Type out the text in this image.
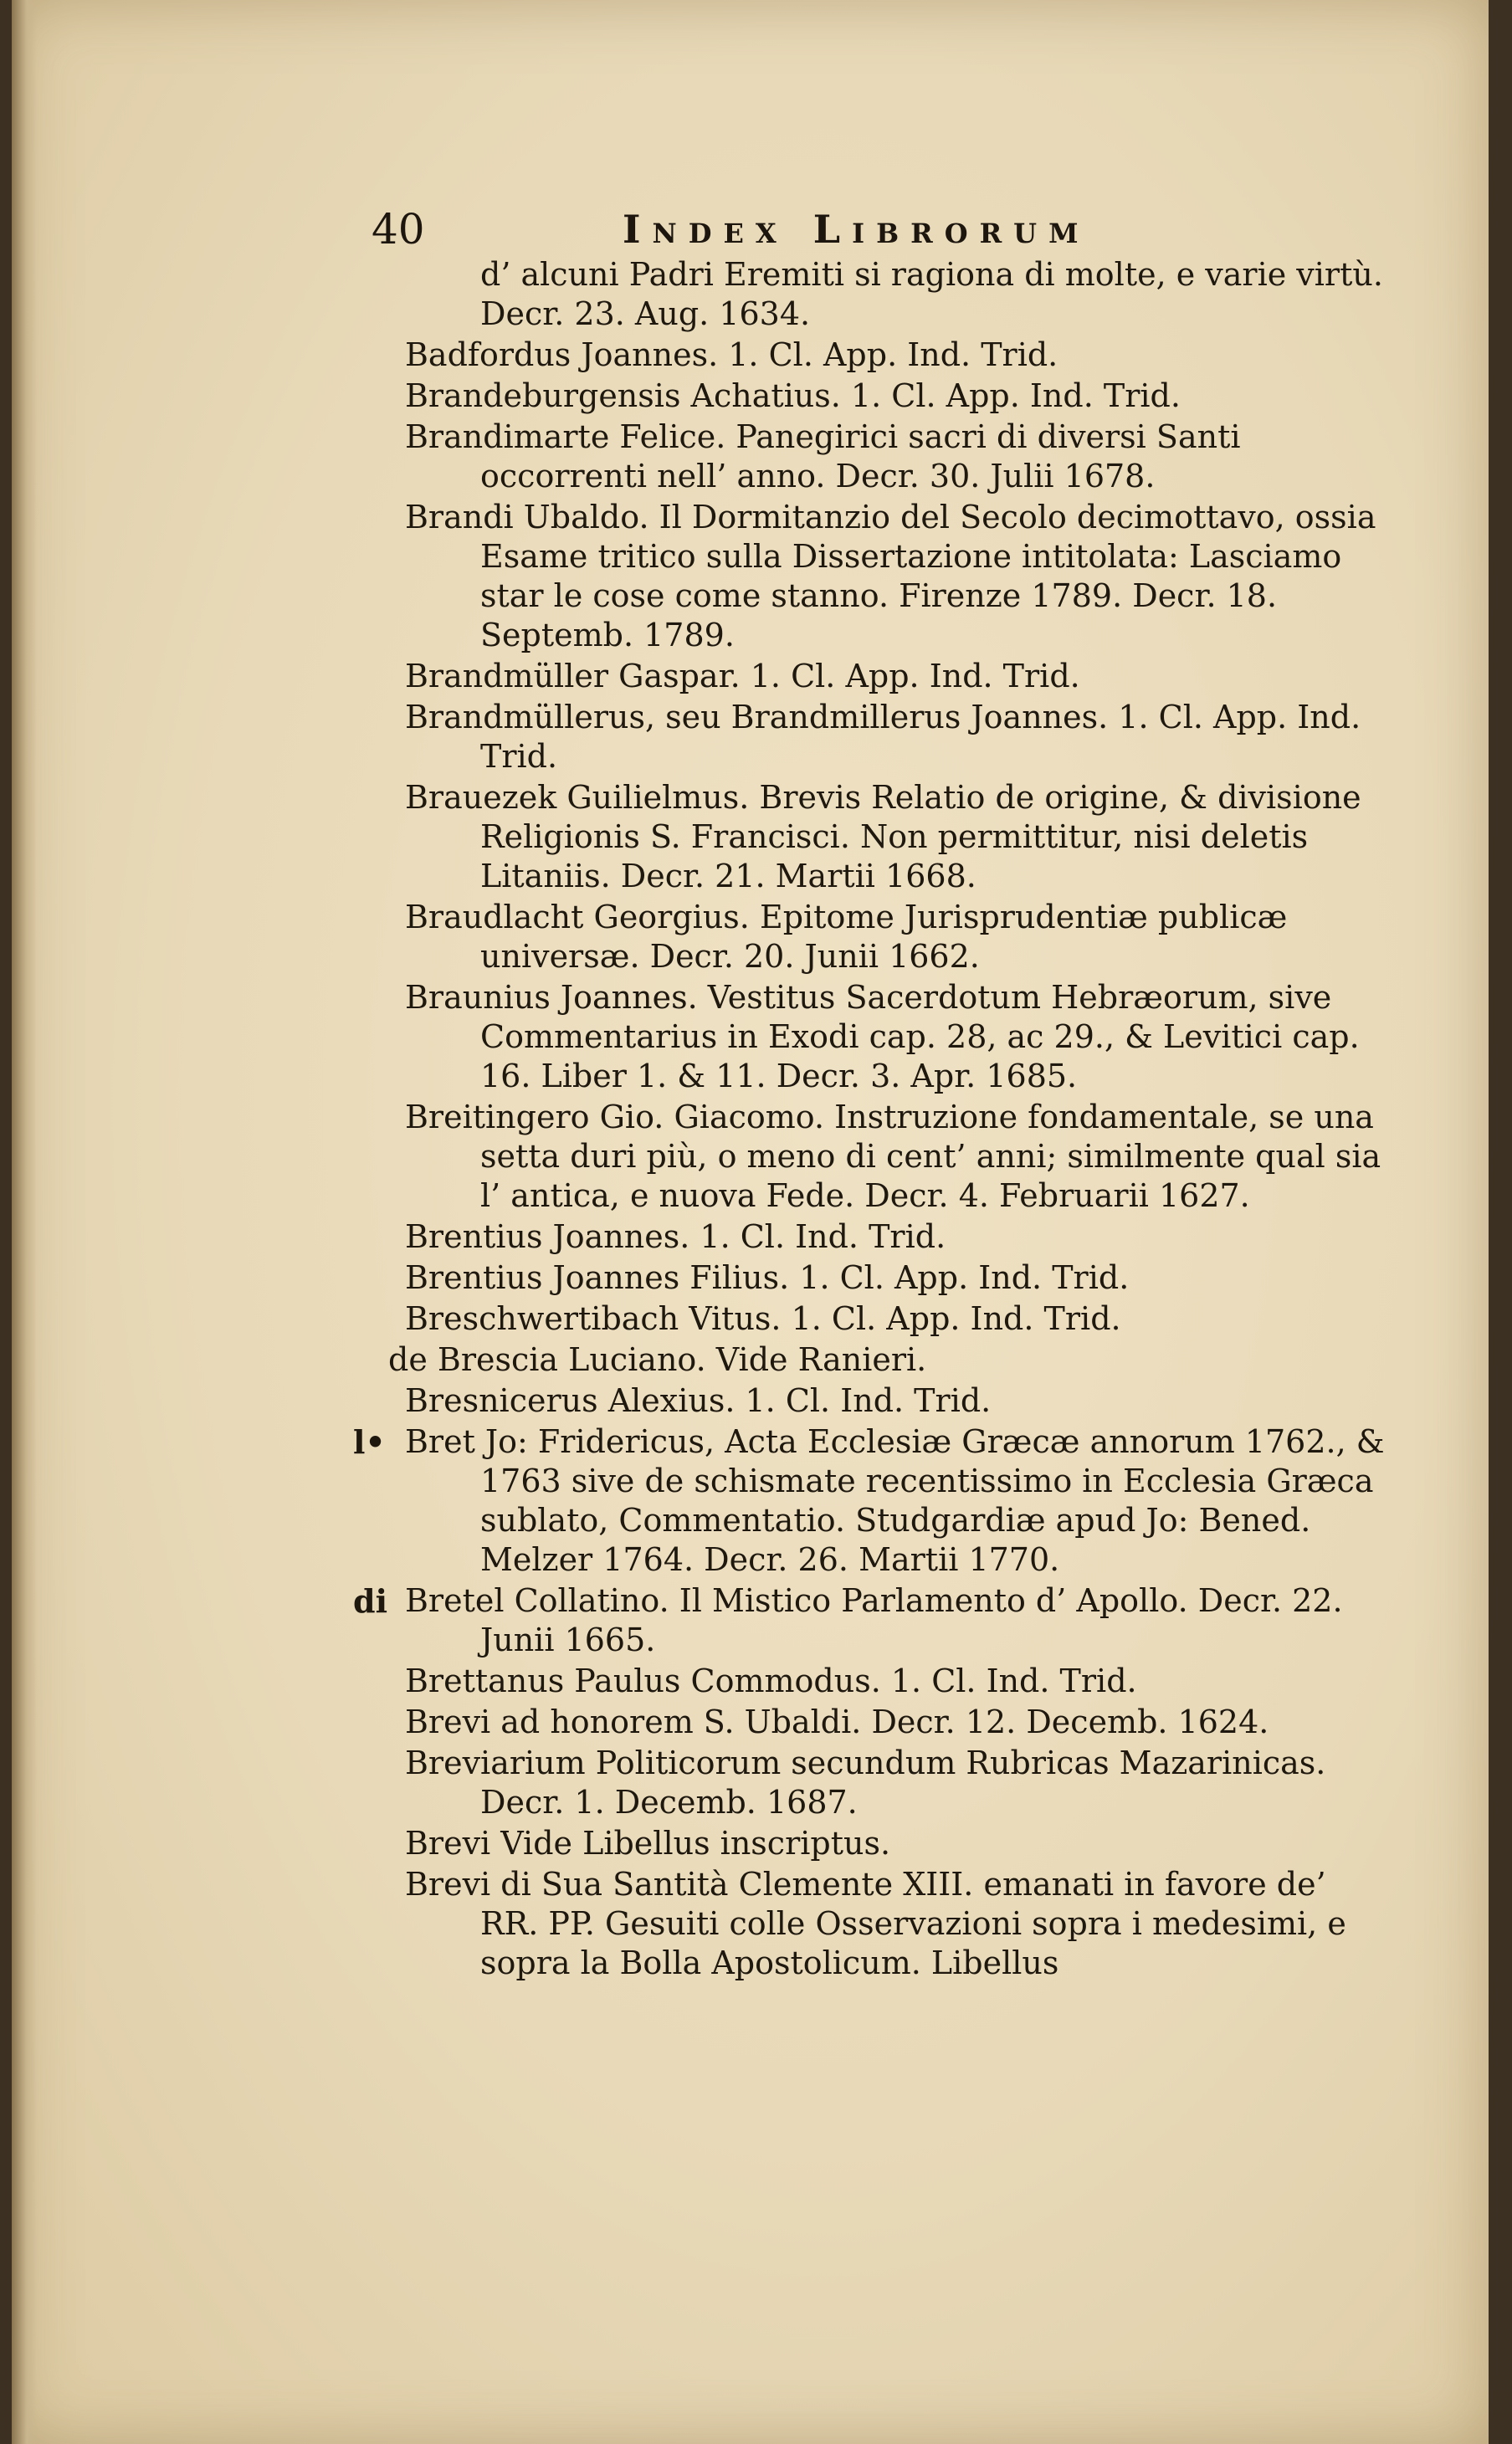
40	Index Librorum

d’ alcuni Padri Eremiti si ragiona di molte, e varie virtù. Decr. 23. Aug. 1634.

Badfordus Joannes. 1. Cl. App. Ind. Trid.

Brandeburgensis Achatius. 1. Cl. App. Ind. Trid.

Brandimarte Felice. Panegirici sacri di diversi Santi occorrenti nell’ anno. Decr. 30. Julii 1678.

Brandi Ubaldo. Il Dormitanzio del Secolo decimottavo, ossia Esame tritico sulla Dissertazione intitolata: Lasciamo star le cose come stanno. Firenze 1789. Decr. 18. Septemb. 1789.

Brandmüller Gaspar. 1. Cl. App. Ind. Trid.

Brandmüllerus, seu Brandmillerus Joannes. 1. Cl. App. Ind. Trid.

Brauezek Guilielmus. Brevis Relatio de origine, & divisione Religionis S. Francisci. Non permittitur, nisi deletis Litaniis. Decr. 21. Martii 1668.

Braudlacht Georgius. Epitome Jurisprudentiæ publicæ universæ. Decr. 20. Junii 1662.

Braunius Joannes. Vestitus Sacerdotum Hebræorum, sive Commentarius in Exodi cap. 28, ac 29., & Levitici cap. 16. Liber 1. & 11. Decr. 3. Apr. 1685.

Breitingero Gio. Giacomo. Instruzione fondamentale, se una setta duri più, o meno di cent’ anni; similmente qual sia l’ antica, e nuova Fede. Decr. 4. Februarii 1627.

Brentius Joannes. 1. Cl. Ind. Trid.

Brentius Joannes Filius. 1. Cl. App. Ind. Trid.

Breschwertibach Vitus. 1. Cl. App. Ind. Trid.

de Brescia Luciano. Vide Ranieri.

Bresnicerus Alexius. 1. Cl. Ind. Trid.

l• Bret Jo: Fridericus, Acta Ecclesiæ Græcæ annorum 1762., & 1763 sive de schismate recentissimo in Ecclesia Græca sublato, Commentatio. Studgardiæ apud Jo: Bened. Melzer 1764. Decr. 26. Martii 1770.

di Bretel Collatino. Il Mistico Parlamento d’ Apollo. Decr. 22. Junii 1665.

Brettanus Paulus Commodus. 1. Cl. Ind. Trid.

Brevi ad honorem S. Ubaldi. Decr. 12. Decemb. 1624.

Breviarium Politicorum secundum Rubricas Mazarinicas. Decr. 1. Decemb. 1687.

Brevi Vide Libellus inscriptus.

Brevi di Sua Santità Clemente XIII. emanati in favore de’ RR. PP. Gesuiti colle Osservazioni sopra i medesimi, e sopra la Bolla Apostolicum. Libellus
